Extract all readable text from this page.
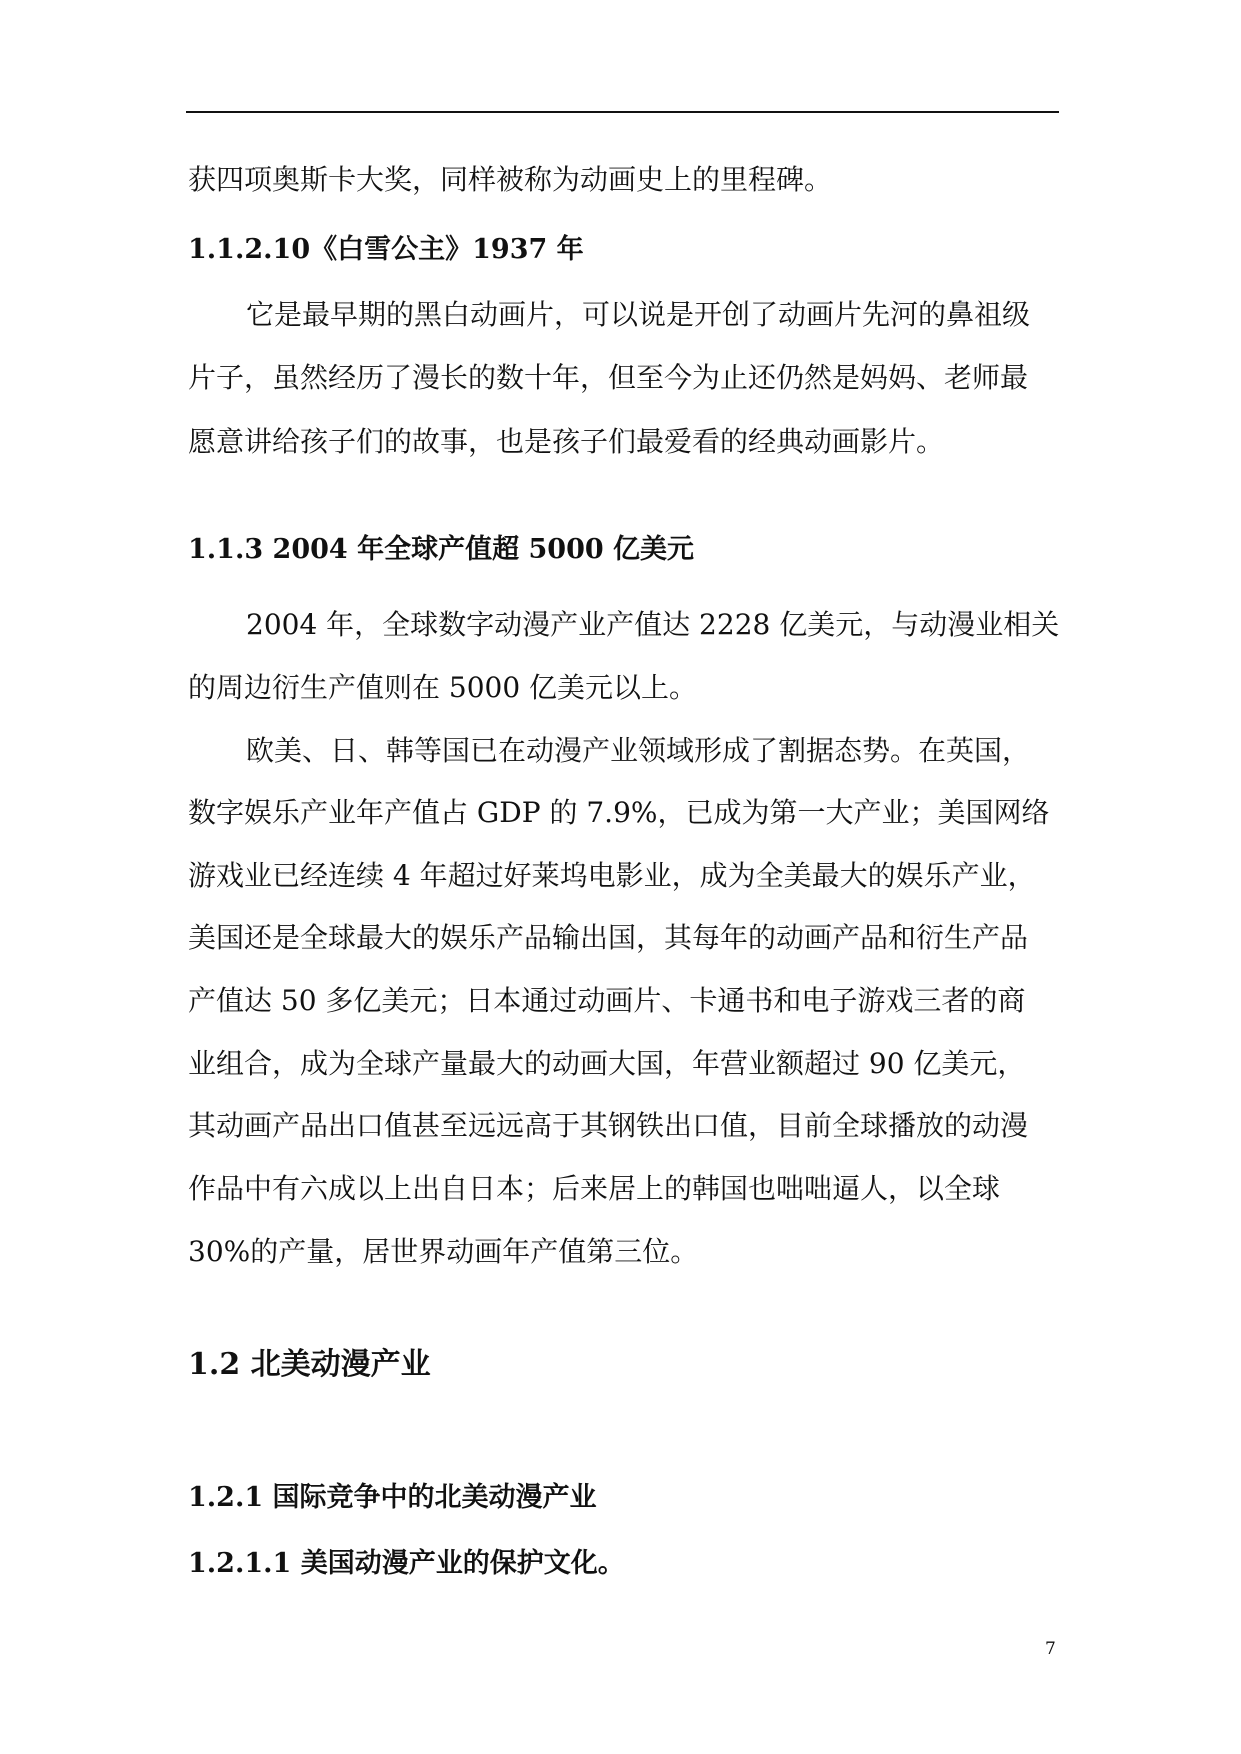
获四项奥斯卡大奖，同样被称为动画史上的里程碑。
1.1.2.10《白雪公主》1937 年
它是最早期的黑白动画片，可以说是开创了动画片先河的鼻祖级
片子，虽然经历了漫长的数十年，但至今为止还仍然是妈妈、老师最
愿意讲给孩子们的故事，也是孩子们最爱看的经典动画影片。
1.1.3 2004 年全球产值超 5000 亿美元
2004 年，全球数字动漫产业产值达 2228 亿美元，与动漫业相关
的周边衍生产值则在 5000 亿美元以上。
欧美、日、韩等国已在动漫产业领域形成了割据态势。在英国，
数字娱乐产业年产值占 GDP 的 7.9%，已成为第一大产业；美国网络
游戏业已经连续 4 年超过好莱坞电影业，成为全美最大的娱乐产业，
美国还是全球最大的娱乐产品输出国，其每年的动画产品和衍生产品
产值达 50 多亿美元；日本通过动画片、卡通书和电子游戏三者的商
业组合，成为全球产量最大的动画大国，年营业额超过 90 亿美元，
其动画产品出口值甚至远远高于其钢铁出口值，目前全球播放的动漫
作品中有六成以上出自日本；后来居上的韩国也咄咄逼人，以全球
30%的产量，居世界动画年产值第三位。
1.2 北美动漫产业
1.2.1 国际竞争中的北美动漫产业
1.2.1.1 美国动漫产业的保护文化。
7
